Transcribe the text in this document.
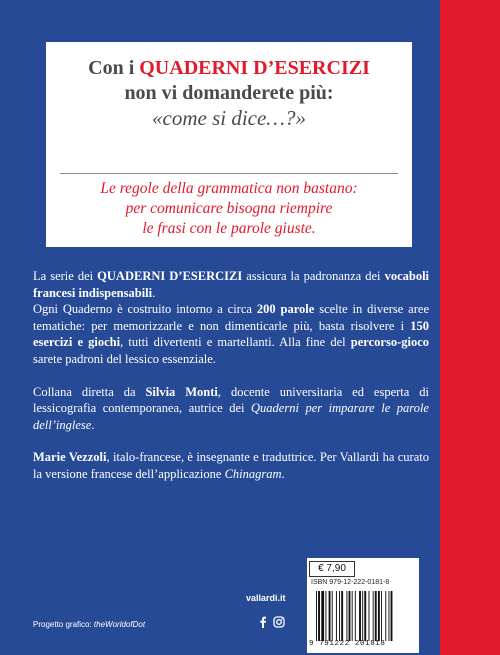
Con i QUADERNI D’ESERCIZI
non vi domanderete più:
«come si dice…?»
Le regole della grammatica non bastano:
per comunicare bisogna riempire
le frasi con le parole giuste.

La serie dei QUADERNI D’ESERCIZI assicura la padronanza dei vocaboli francesi indispensabili.

Ogni Quaderno è costruito intorno a circa 200 parole scelte in diverse aree tematiche: per memorizzarle e non dimenticarle più, basta risolvere i 150 esercizi e giochi, tutti divertenti e martellanti. Alla fine del percorso-gioco sarete padroni del lessico essenziale.

Collana diretta da Silvia Monti, docente universitaria ed esperta di lessicografia contemporanea, autrice dei Quaderni per imparare le parole dell’inglese.

Marie Vezzoli, italo-francese, è insegnante e traduttrice. Per Vallardi ha curato la versione francese dell’applicazione Chinagram.

vallardi.it
Progetto grafico: theWorldofDot
€ 7,90
ISBN 979-12-222-0181-8
9 791222 201818
